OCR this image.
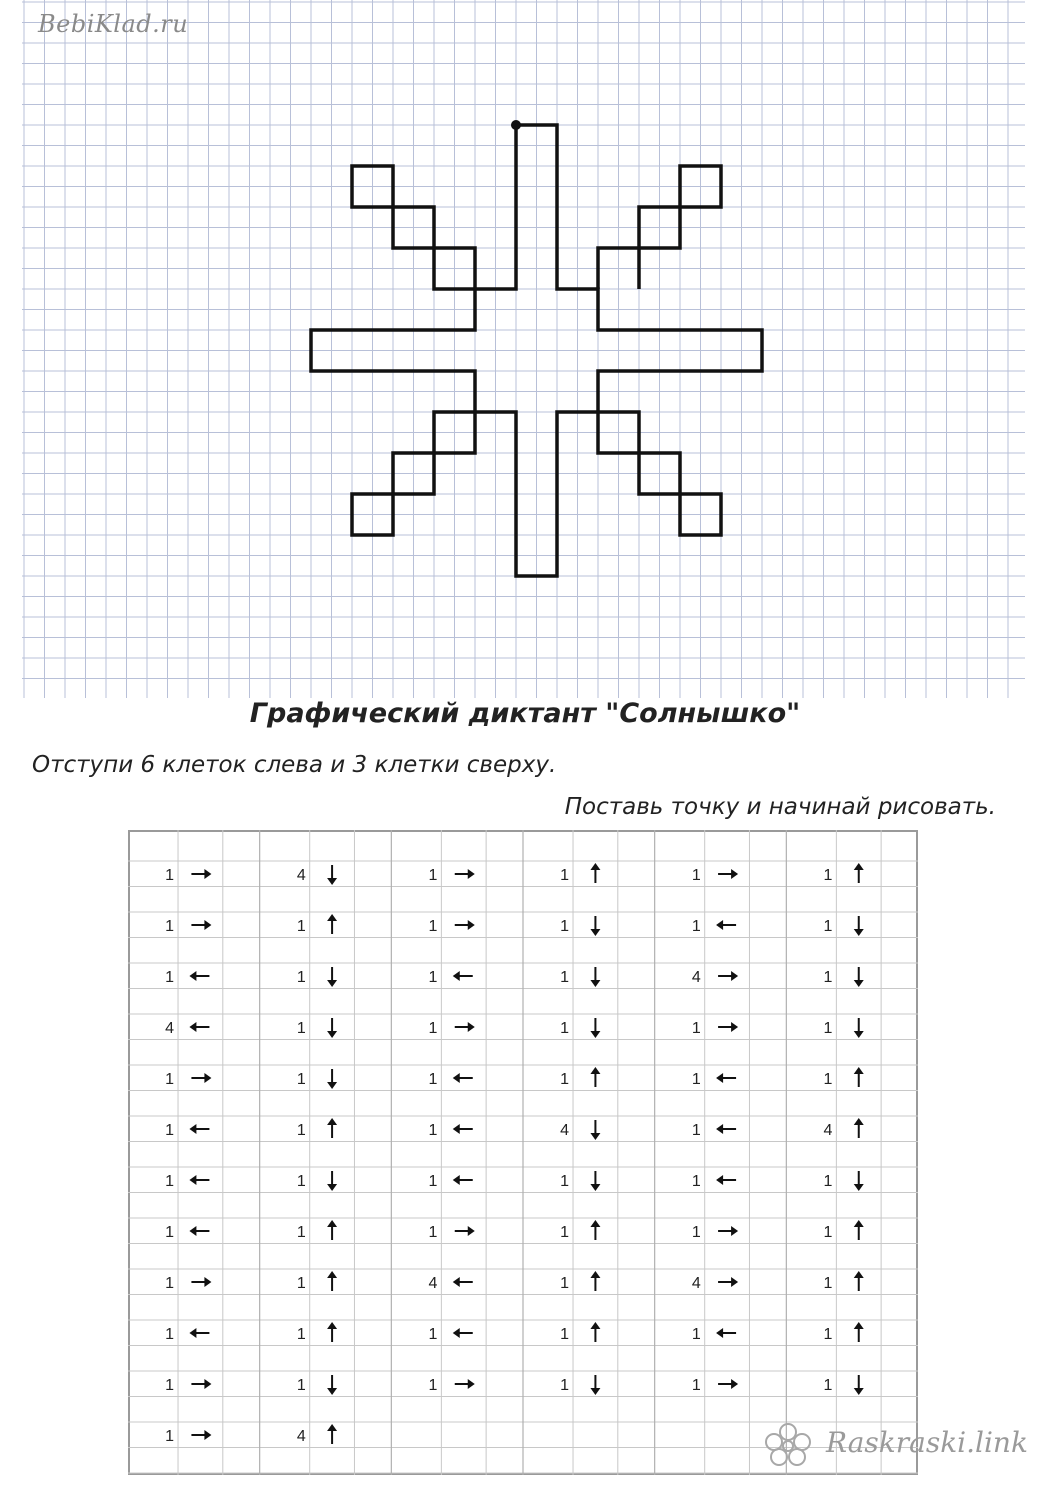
BebiKlad.ru
Графический диктант "Солнышко"
Отступи 6 клеток слева и 3 клетки сверху.
Поставь точку и начинай рисовать.
1
1
1
4
1
1
1
1
1
1
1
1
4
1
1
1
1
1
1
1
1
1
1
4
1
1
1
1
1
1
1
1
4
1
1
1
1
1
1
1
4
1
1
1
1
1
1
1
4
1
1
1
1
1
4
1
1
1
1
1
1
1
4
1
1
1
1
1
Raskraski.link
